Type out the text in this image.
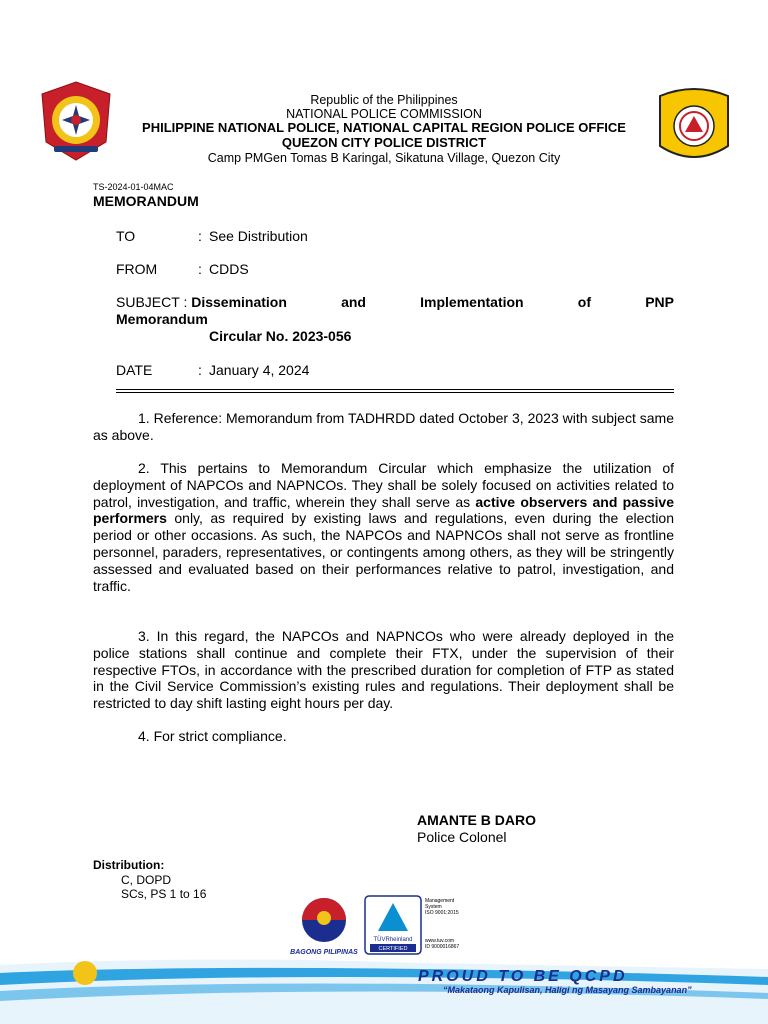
Republic of the Philippines
NATIONAL POLICE COMMISSION
PHILIPPINE NATIONAL POLICE, NATIONAL CAPITAL REGION POLICE OFFICE
QUEZON CITY POLICE DISTRICT
Camp PMGen Tomas B Karingal, Sikatuna Village, Quezon City
TS-2024-01-04MAC
MEMORANDUM
TO	: See Distribution
FROM	: CDDS
SUBJECT : Dissemination	and	Implementation	of	PNP
Memorandum
Circular No. 2023-056
DATE	: January 4, 2024
1. Reference: Memorandum from TADHRDD dated October 3, 2023 with subject same as above.
2. This pertains to Memorandum Circular which emphasize the utilization of deployment of NAPCOs and NAPNCOs. They shall be solely focused on activities related to patrol, investigation, and traffic, wherein they shall serve as active observers and passive performers only, as required by existing laws and regulations, even during the election period or other occasions. As such, the NAPCOs and NAPNCOs shall not serve as frontline personnel, paraders, representatives, or contingents among others, as they will be stringently assessed and evaluated based on their performances relative to patrol, investigation, and traffic.
3. In this regard, the NAPCOs and NAPNCOs who were already deployed in the police stations shall continue and complete their FTX, under the supervision of their respective FTOs, in accordance with the prescribed duration for completion of FTP as stated in the Civil Service Commission’s existing rules and regulations. Their deployment shall be restricted to day shift lasting eight hours per day.
4. For strict compliance.
AMANTE B DARO
Police Colonel
Distribution:
C, DOPD
SCs, PS 1 to 16
BAGONG PILIPINAS
TÜVRheinland
CERTIFIED
Management
System
ISO 9001:2015
www.tuv.com
ID 9000016867
PROUD TO BE QCPD
“Makataong Kapulisan, Haligi ng Masayang Sambayanan”
